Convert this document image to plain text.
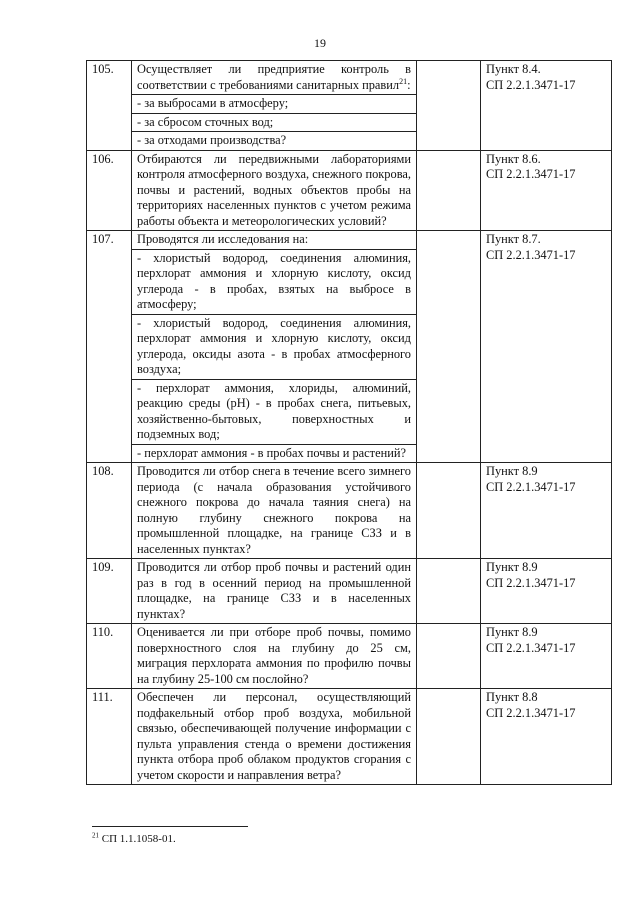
19
105.	Осуществляет ли предприятие контроль в соответствии с требованиями санитарных правил$^{21}$:		Пункт 8.4.
СП 2.2.1.3471-17

	- за выбросами в атмосферу;		
	- за сбросом сточных вод;		
	- за отходами производства?		
106.	Отбираются ли передвижными лабораториями контроля атмосферного воздуха, снежного покрова, почвы и растений, водных объектов пробы на территориях населенных пунктов с учетом режима работы объекта и метеорологических условий?		Пункт 8.6.
СП 2.2.1.3471-17

107.	Проводятся ли исследования на:		Пункт 8.7.
СП 2.2.1.3471-17

	- хлористый водород, соединения алюминия, перхлорат аммония и хлорную кислоту, оксид углерода - в пробах, взятых на выбросе в атмосферу;		
	- хлористый водород, соединения алюминия, перхлорат аммония и хлорную кислоту, оксид углерода, оксиды азота - в пробах атмосферного воздуха;		
	- перхлорат аммония, хлориды, алюминий, реакцию среды (pH) - в пробах снега, питьевых, хозяйственно-бытовых, поверхностных и подземных вод;		
	- перхлорат аммония - в пробах почвы и растений?		
108.	Проводится ли отбор снега в течение всего зимнего периода (с начала образования устойчивого снежного покрова до начала таяния снега) на полную глубину снежного покрова на промышленной площадке, на границе СЗЗ и в населенных пунктах?		Пункт 8.9
СП 2.2.1.3471-17

109.	Проводится ли отбор проб почвы и растений один раз в год в осенний период на промышленной площадке, на границе СЗЗ и в населенных пунктах?		Пункт 8.9
СП 2.2.1.3471-17

110.	Оценивается ли при отборе проб почвы, помимо поверхностного слоя на глубину до 25 см, миграция перхлората аммония по профилю почвы на глубину 25-100 см послойно?		Пункт 8.9
СП 2.2.1.3471-17

111.	Обеспечен ли персонал, осуществляющий подфакельный отбор проб воздуха, мобильной связью, обеспечивающей получение информации с пульта управления стенда о времени достижения пункта отбора проб облаком продуктов сгорания с учетом скорости и направления ветра?		Пункт 8.8
СП 2.2.1.3471-17
$^{21}$ СП 1.1.1058-01.
